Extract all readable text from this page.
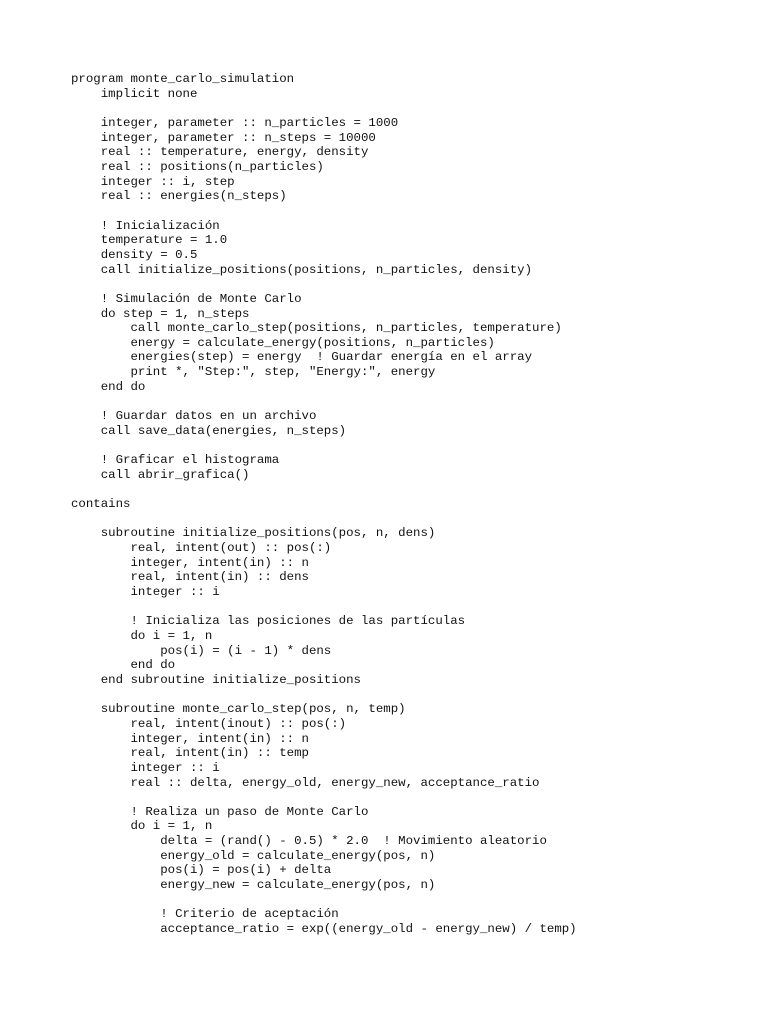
program monte_carlo_simulation
implicit none
integer, parameter :: n_particles = 1000
integer, parameter :: n_steps = 10000
real :: temperature, energy, density
real :: positions(n_particles)
integer :: i, step
real :: energies(n_steps)
! Inicialización
temperature = 1.0
density = 0.5
call initialize_positions(positions, n_particles, density)
! Simulación de Monte Carlo
do step = 1, n_steps
call monte_carlo_step(positions, n_particles, temperature)
energy = calculate_energy(positions, n_particles)
energies(step) = energy  ! Guardar energía en el array
print *, "Step:", step, "Energy:", energy
end do
! Guardar datos en un archivo
call save_data(energies, n_steps)
! Graficar el histograma
call abrir_grafica()
contains
subroutine initialize_positions(pos, n, dens)
real, intent(out) :: pos(:)
integer, intent(in) :: n
real, intent(in) :: dens
integer :: i
! Inicializa las posiciones de las partículas
do i = 1, n
pos(i) = (i - 1) * dens
end do
end subroutine initialize_positions
subroutine monte_carlo_step(pos, n, temp)
real, intent(inout) :: pos(:)
integer, intent(in) :: n
real, intent(in) :: temp
integer :: i
real :: delta, energy_old, energy_new, acceptance_ratio
! Realiza un paso de Monte Carlo
do i = 1, n
delta = (rand() - 0.5) * 2.0  ! Movimiento aleatorio
energy_old = calculate_energy(pos, n)
pos(i) = pos(i) + delta
energy_new = calculate_energy(pos, n)
! Criterio de aceptación
acceptance_ratio = exp((energy_old - energy_new) / temp)
